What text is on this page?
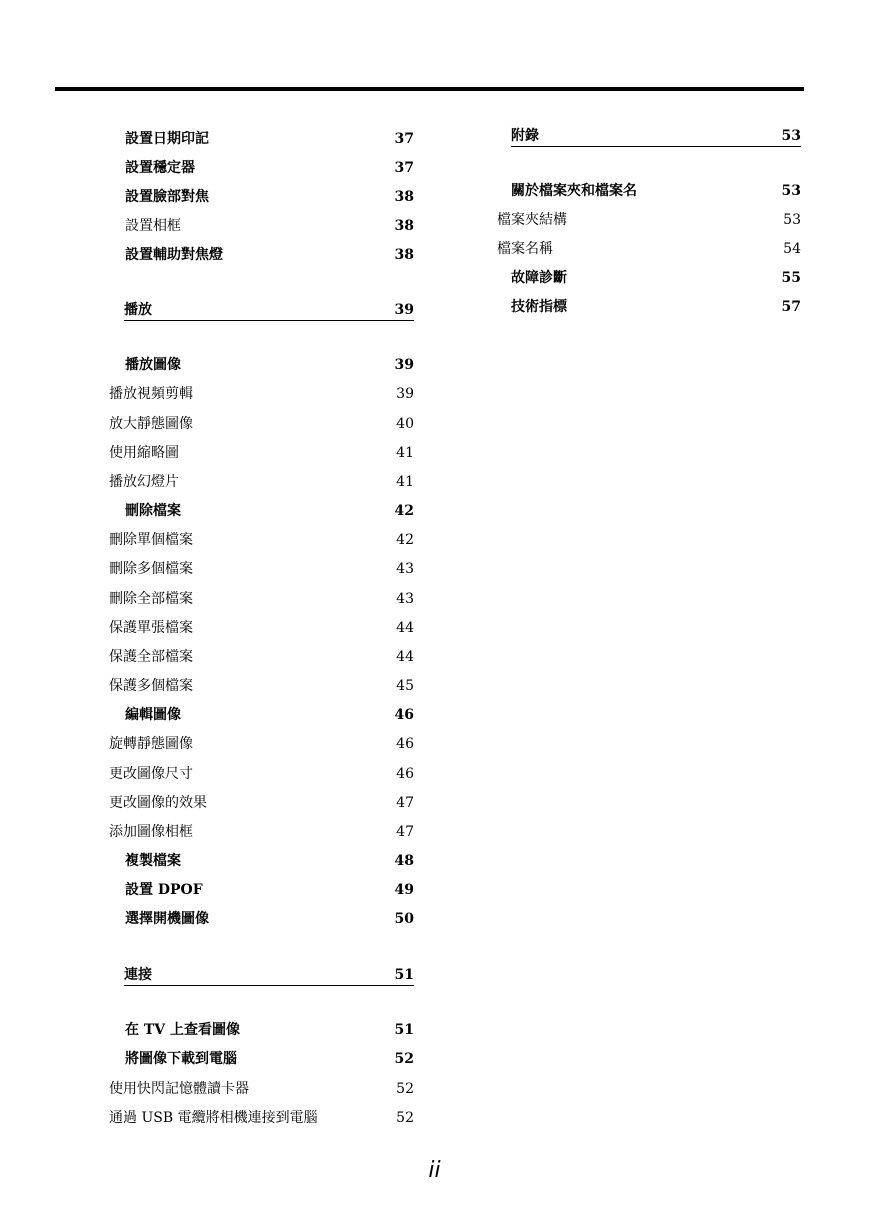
設置日期印記	37
設置穩定器	37
設置臉部對焦	38
設置相框	38
設置輔助對焦燈	38
播放	39
播放圖像	39
播放視頻剪輯	39
放大靜態圖像	40
使用縮略圖	41
播放幻燈片	41
刪除檔案	42
刪除單個檔案	42
刪除多個檔案	43
刪除全部檔案	43
保護單張檔案	44
保護全部檔案	44
保護多個檔案	45
編輯圖像	46
旋轉靜態圖像	46
更改圖像尺寸	46
更改圖像的效果	47
添加圖像相框	47
複製檔案	48
設置 DPOF	49
選擇開機圖像	50
連接	51
在 TV 上查看圖像	51
將圖像下載到電腦	52
使用快閃記憶體讀卡器	52
通過 USB 電纜將相機連接到電腦	52
附錄	53
關於檔案夾和檔案名	53
檔案夾結構	53
檔案名稱	54
故障診斷	55
技術指標	57
ii
